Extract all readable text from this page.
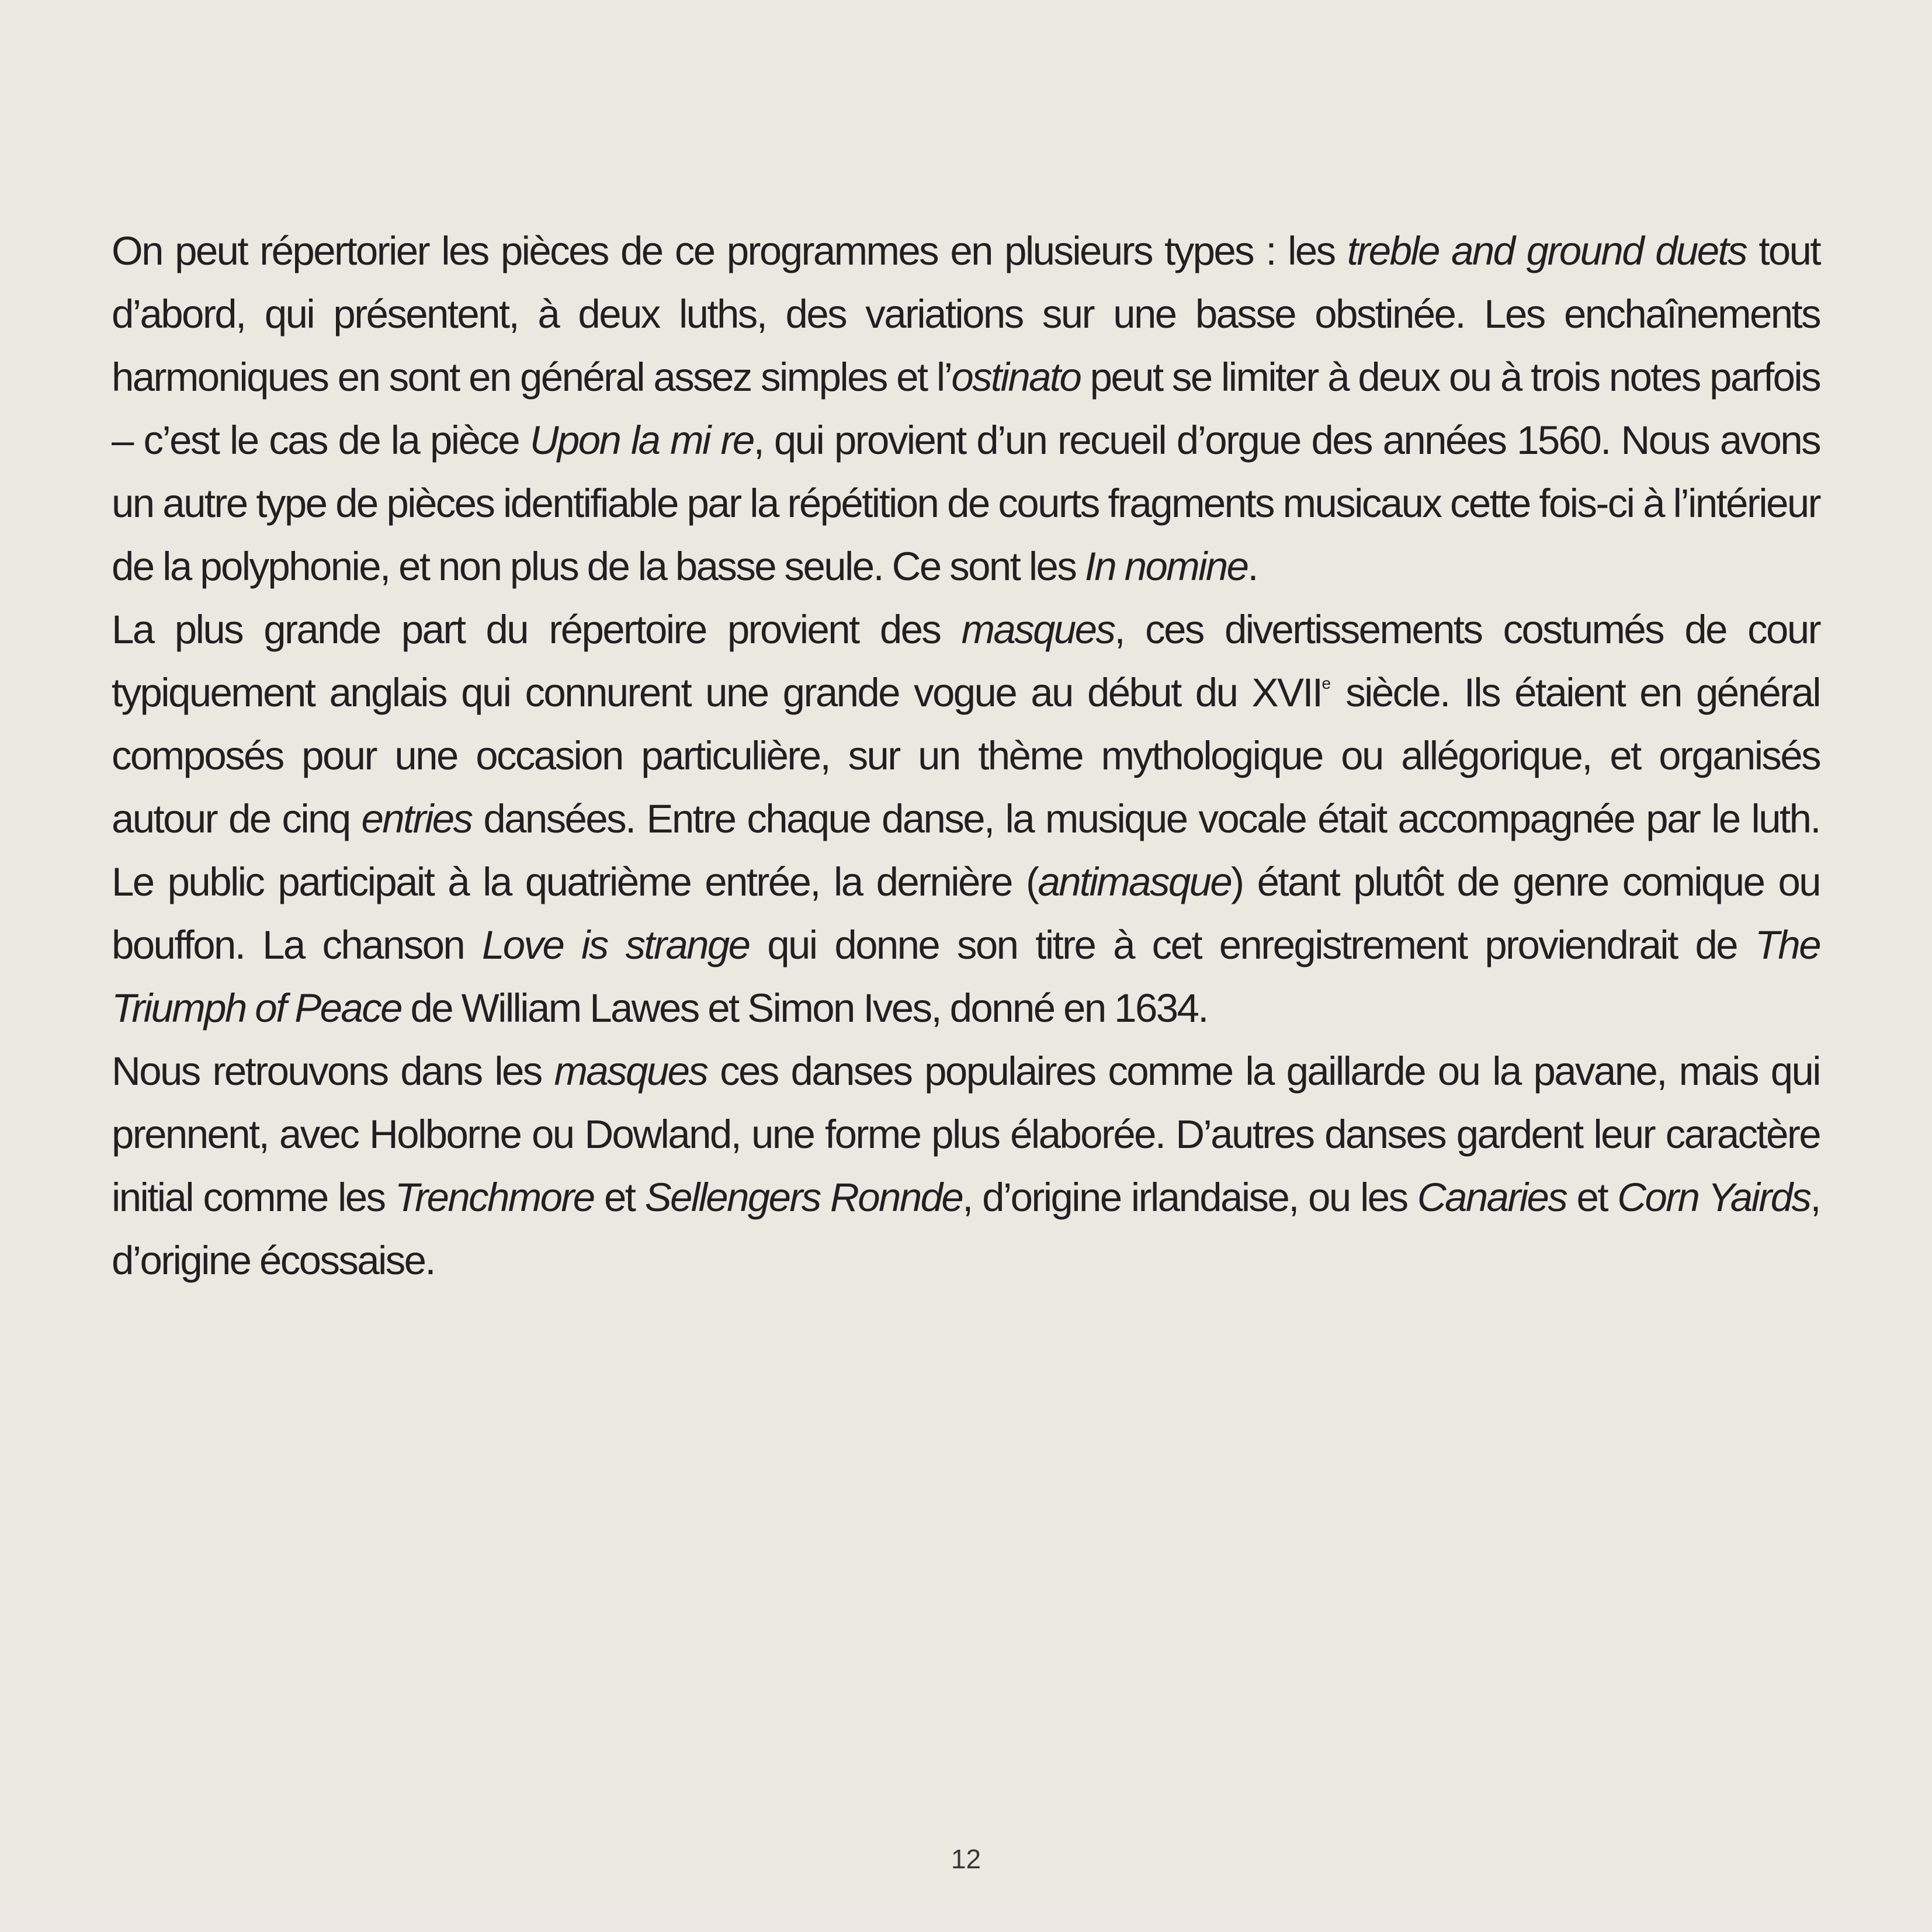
On peut répertorier les pièces de ce programmes en plusieurs types : les treble and ground duets tout d’abord, qui présentent, à deux luths, des variations sur une basse obstinée. Les enchaînements harmoniques en sont en général assez simples et l’ostinato peut se limiter à deux ou à trois notes parfois – c’est le cas de la pièce Upon la mi re, qui provient d’un recueil d’orgue des années 1560. Nous avons un autre type de pièces identifiable par la répétition de courts fragments musicaux cette fois-ci à l’intérieur de la polyphonie, et non plus de la basse seule. Ce sont les In nomine.

La plus grande part du répertoire provient des masques, ces divertissements costumés de cour typiquement anglais qui connurent une grande vogue au début du XVIIe siècle. Ils étaient en général composés pour une occasion particulière, sur un thème mythologique ou allégorique, et organisés autour de cinq entries dansées. Entre chaque danse, la musique vocale était accompagnée par le luth. Le public participait à la quatrième entrée, la dernière (antimasque) étant plutôt de genre comique ou bouffon. La chanson Love is strange qui donne son titre à cet enregistrement proviendrait de The Triumph of Peace de William Lawes et Simon Ives, donné en 1634.

Nous retrouvons dans les masques ces danses populaires comme la gaillarde ou la pavane, mais qui prennent, avec Holborne ou Dowland, une forme plus élaborée. D’autres danses gardent leur caractère initial comme les Trenchmore et Sellengers Ronnde, d’origine irlandaise, ou les Canaries et Corn Yairds, d’origine écossaise.

12
